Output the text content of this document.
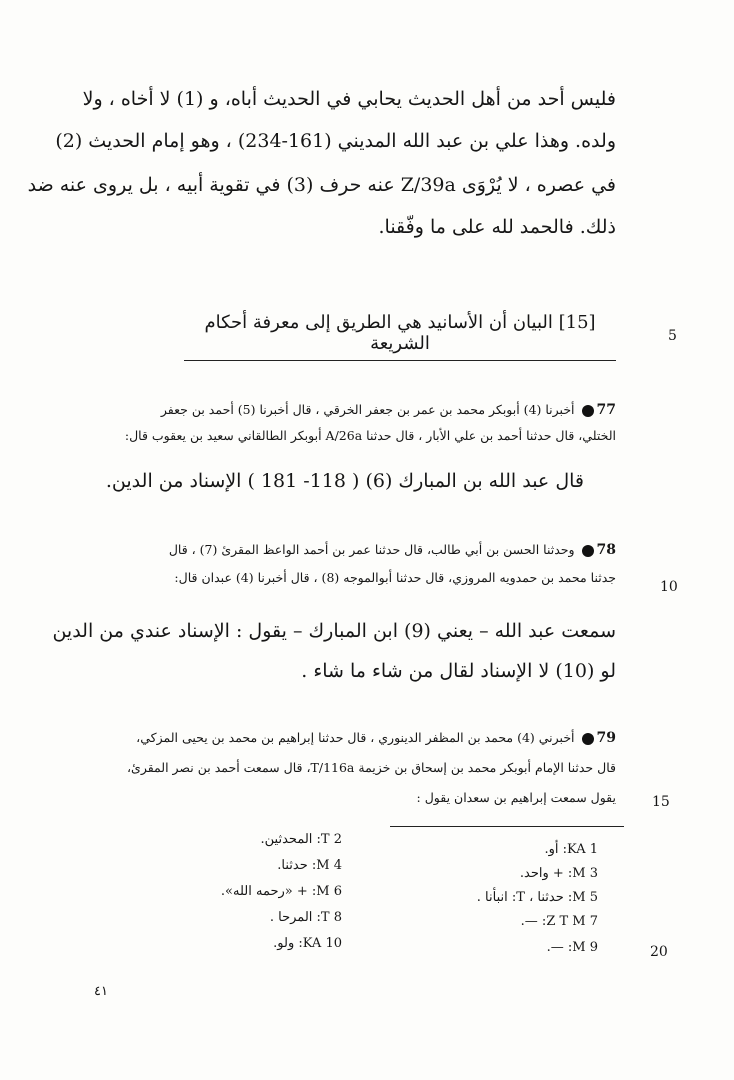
فليس أحد من أهل الحديث يحابي في الحديث أباه، و (1) لا أخاه ، ولا
ولده. وهذا علي بن عبد الله المديني (161-234) ، وهو إمام الحديث (2)
في عصره ، لا يُرْوَى Z/39a عنه حرف (3) في تقوية أبيه ، بل يروى عنه ضد
ذلك. فالحمد لله على ما وفّقنا.
[15] البيان أن الأسانيد هي الطريق إلى معرفة أحكام الشريعة	5
77 أخبرنا (4) أبوبكر محمد بن عمر بن جعفر الخرقي ، قال أخبرنا (5) أحمد بن جعفر
الختلي، قال حدثنا أحمد بن علي الأبار ، قال حدثنا A/26a أبوبكر الطالقاني سعيد بن يعقوب قال:
قال عبد الله بن المبارك (6) ( 118- 181 ) الإسناد من الدين.
78 وحدثنا الحسن بن أبي طالب، قال حدثنا عمر بن أحمد الواعظ المقرئ (7) ، قال
جدثنا محمد بن حمدويه المروزي، قال حدثنا أبوالموجه (8) ، قال أخبرنا (4) عبدان قال:
10
سمعت عبد الله – يعني (9) ابن المبارك – يقول : الإسناد عندي من الدين
لو (10) لا الإسناد لقال من شاء ما شاء .
79 أخبرني (4) محمد بن المظفر الدينوري ، قال حدثنا إبراهيم بن محمد بن يحيى المزكي،
قال حدثنا الإمام أبوبكر محمد بن إسحاق بن خزيمة T/116a، قال سمعت أحمد بن نصر المقرئ،
يقول سمعت إبراهيم بن سعدان يقول :	15
KA 1: أو.
M 3: + واحد.
M 5: حدثنا ، T: انبأنا .
Z T M 7: —.
M 9: —.
T 2: المحدثين.
M 4: حدثنا.
M 6: + «رحمه الله».
T 8: المرحا .
KA 10: ولو.
20
٤١
